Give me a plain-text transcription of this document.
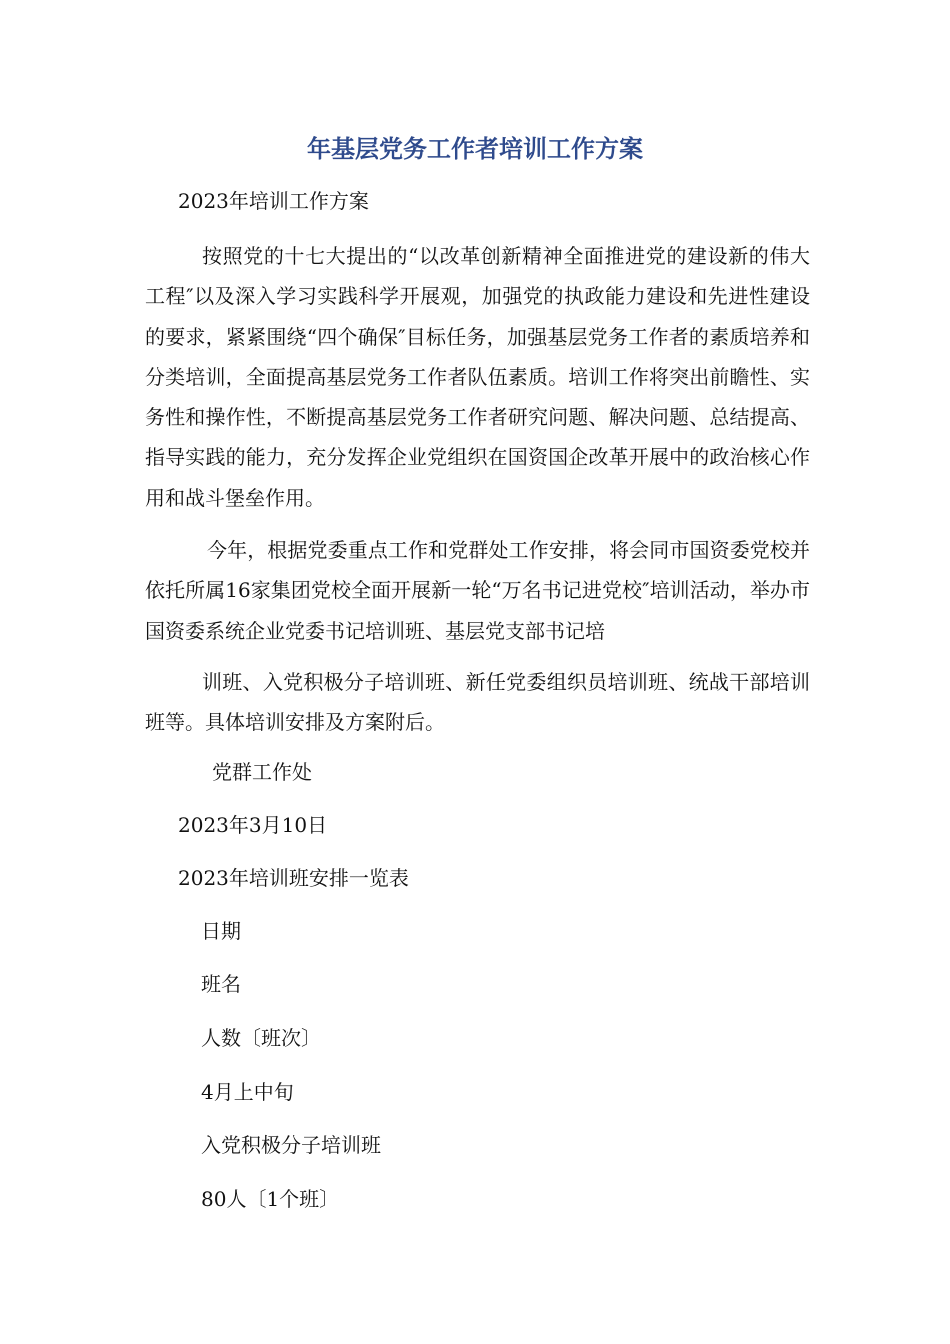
年基层党务工作者培训工作方案

2023年培训工作方案

按照党的十七大提出的“以改革创新精神全面推进党的建设新的伟大工程″以及深入学习实践科学开展观，加强党的执政能力建设和先进性建设的要求，紧紧围绕“四个确保″目标任务，加强基层党务工作者的素质培养和分类培训，全面提高基层党务工作者队伍素质。培训工作将突出前瞻性、实务性和操作性，不断提高基层党务工作者研究问题、解决问题、总结提高、指导实践的能力，充分发挥企业党组织在国资国企改革开展中的政治核心作用和战斗堡垒作用。

今年，根据党委重点工作和党群处工作安排，将会同市国资委党校并依托所属16家集团党校全面开展新一轮“万名书记进党校″培训活动，举办市国资委系统企业党委书记培训班、基层党支部书记培

训班、入党积极分子培训班、新任党委组织员培训班、统战干部培训班等。具体培训安排及方案附后。

党群工作处

2023年3月10日

2023年培训班安排一览表

日期

班名

人数〔班次〕

4月上中旬

入党积极分子培训班

80人〔1个班〕
